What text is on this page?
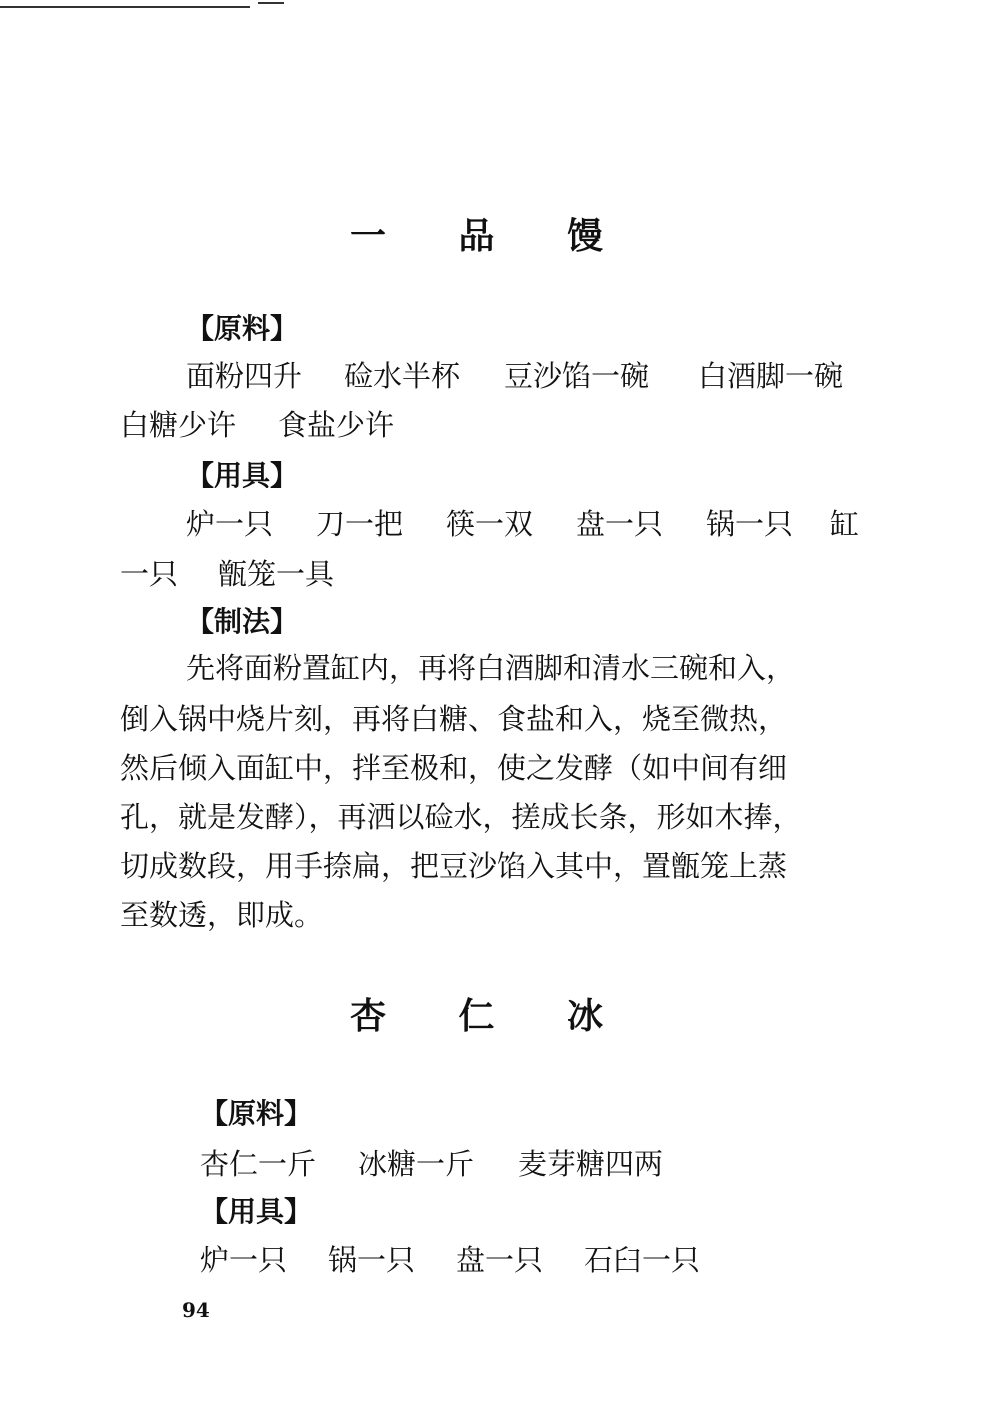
一 品 馒
【原料】
面粉四升 硷水半杯 豆沙馅一碗 白酒脚一碗
白糖少许 食盐少许
【用具】
炉一只 刀一把 筷一双 盘一只 锅一只 缸
一只 甑笼一具
【制法】
先将面粉置缸内，再将白酒脚和清水三碗和入，
倒入锅中烧片刻，再将白糖、食盐和入，烧至微热，
然后倾入面缸中，拌至极和，使之发酵（如中间有细
孔，就是发酵），再洒以硷水，搓成长条，形如木捧，
切成数段，用手捺扁，把豆沙馅入其中，置甑笼上蒸
至数透，即成。
杏 仁 冰
【原料】
杏仁一斤 冰糖一斤 麦芽糖四两
【用具】
炉一只 锅一只 盘一只 石臼一只
94
